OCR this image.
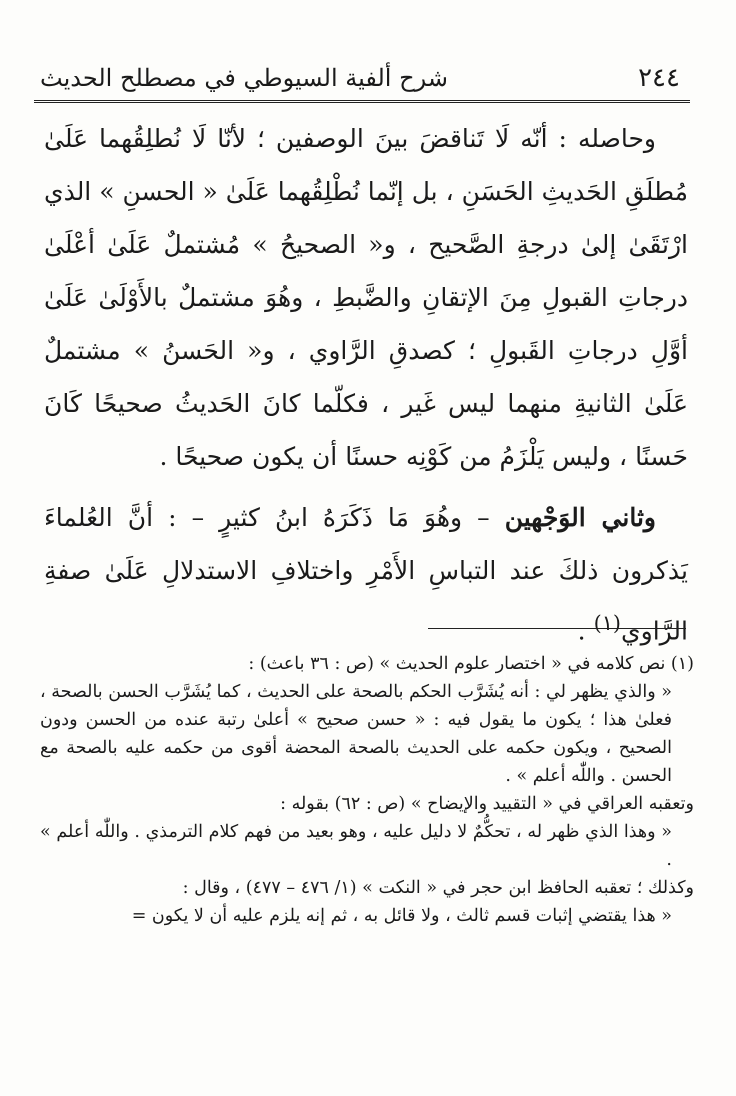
٢٤٤
شرح ألفية السيوطي في مصطلح الحديث

وحاصله : أنّه لَا تَناقضَ بينَ الوصفين ؛ لأنّا لَا نُطلِقُهما عَلَىٰ مُطلَقِ الحَديثِ الحَسَنِ ، بل إنّما نُطْلِقُهما عَلَىٰ « الحسنِ » الذي ارْتَقَىٰ إلىٰ درجةِ الصَّحيح ، و« الصحيحُ » مُشتملٌ عَلَىٰ أعْلَىٰ درجاتِ القبولِ مِنَ الإتقانِ والضَّبطِ ، وهُوَ مشتملٌ بالأَوْلَىٰ عَلَىٰ أوَّلِ درجاتِ القَبولِ ؛ كصدقِ الرَّاوي ، و« الحَسنُ » مشتملٌ عَلَىٰ الثانيةِ منهما ليس غَير ، فكلّما كانَ الحَديثُ صحيحًا كَانَ حَسنًا ، وليس يَلْزَمُ من كَوْنِه حسنًا أن يكون صحيحًا .

وثاني الوَجْهين – وهُوَ مَا ذَكَرَهُ ابنُ كثيرٍ – : أنَّ العُلماءَ يَذكرون ذلكَ عند التباسِ الأَمْرِ واختلافِ الاستدلالِ عَلَىٰ صفةِ الرَّاوي$^{(١)}$ .

(١) نص كلامه في « اختصار علوم الحديث » (ص : ٣٦ باعث) :

« والذي يظهر لي : أنه يُشَرَّب الحكم بالصحة على الحديث ، كما يُشَرَّب الحسن بالصحة ، فعلىٰ هذا ؛ يكون ما يقول فيه : « حسن صحيح » أعلىٰ رتبة عنده من الحسن ودون الصحيح ، ويكون حكمه على الحديث بالصحة المحضة أقوى من حكمه عليه بالصحة مع الحسن . واللّٰه أعلم » .

وتعقبه العراقي في « التقييد والإيضاح » (ص : ٦٢) بقوله :

« وهذا الذي ظهر له ، تحكُّمٌ لا دليل عليه ، وهو بعيد من فهم كلام الترمذي . واللّٰه أعلم » .

وكذلك ؛ تعقبه الحافظ ابن حجر في « النكت » (١/ ٤٧٦ – ٤٧٧) ، وقال :

« هذا يقتضي إثبات قسم ثالث ، ولا قائل به ، ثم إنه يلزم عليه أن لا يكون =
